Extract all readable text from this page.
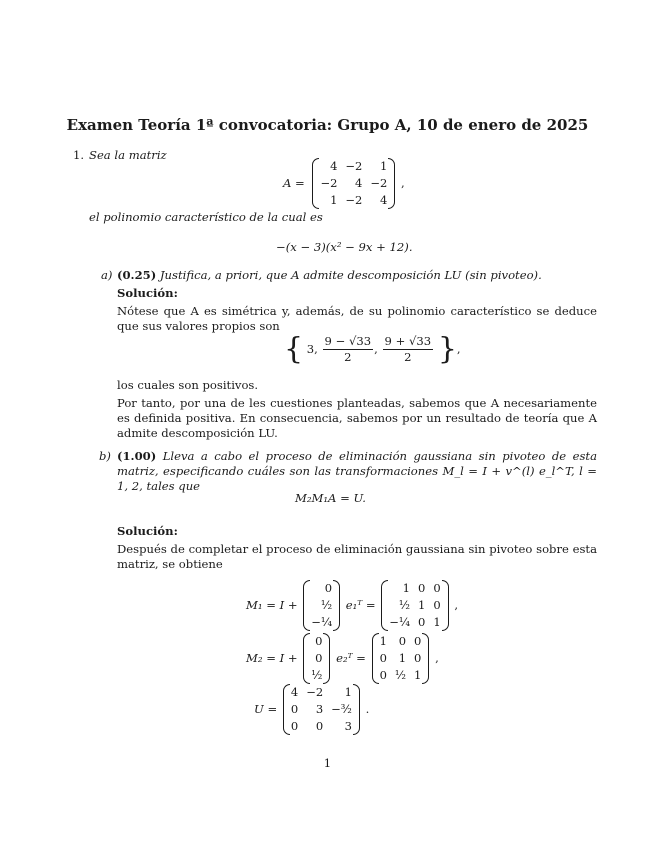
Examen Teoría 1ª convocatoria: Grupo A, 10 de enero de 2025
1. Sea la matriz
A =
4	−2	1
−2	4	−2
1	−2	4
,
el polinomio característico de la cual es
−(x − 3)(x² − 9x + 12).
a) (0.25) Justifica, a priori, que A admite descomposición LU (sin pivoteo).
Solución:
Nótese que A es simétrica y, además, de su polinomio característico se deduce que sus valores propios son
{ 3, $\frac{9 - √33}{2}$ , $\frac{9 + √33}{2}$ },
los cuales son positivos.
Por tanto, por una de les cuestiones planteadas, sabemos que A necesariamente es definida positiva. En consecuencia, sabemos por un resultado de teoría que A admite descomposición LU.
b) (1.00) Lleva a cabo el proceso de eliminación gaussiana sin pivoteo de esta matriz, especificando cuáles son las transformaciones M_l = I + v^(l) e_l^T, l = 1, 2, tales que
M₂M₁A = U.
Solución:
Después de completar el proceso de eliminación gaussiana sin pivoteo sobre esta matriz, se obtiene
M₁ = I +
0
¹⁄₂
−¹⁄₄
e₁ᵀ =
1	0	0
¹⁄₂	1	0
−¹⁄₄	0	1
,
M₂ = I +
0
0
¹⁄₂
e₂ᵀ =
1	0	0
0	1	0
0	¹⁄₂	1
,
U =
4	−2	1
0	3	−³⁄₂
0	0	3
.
1
